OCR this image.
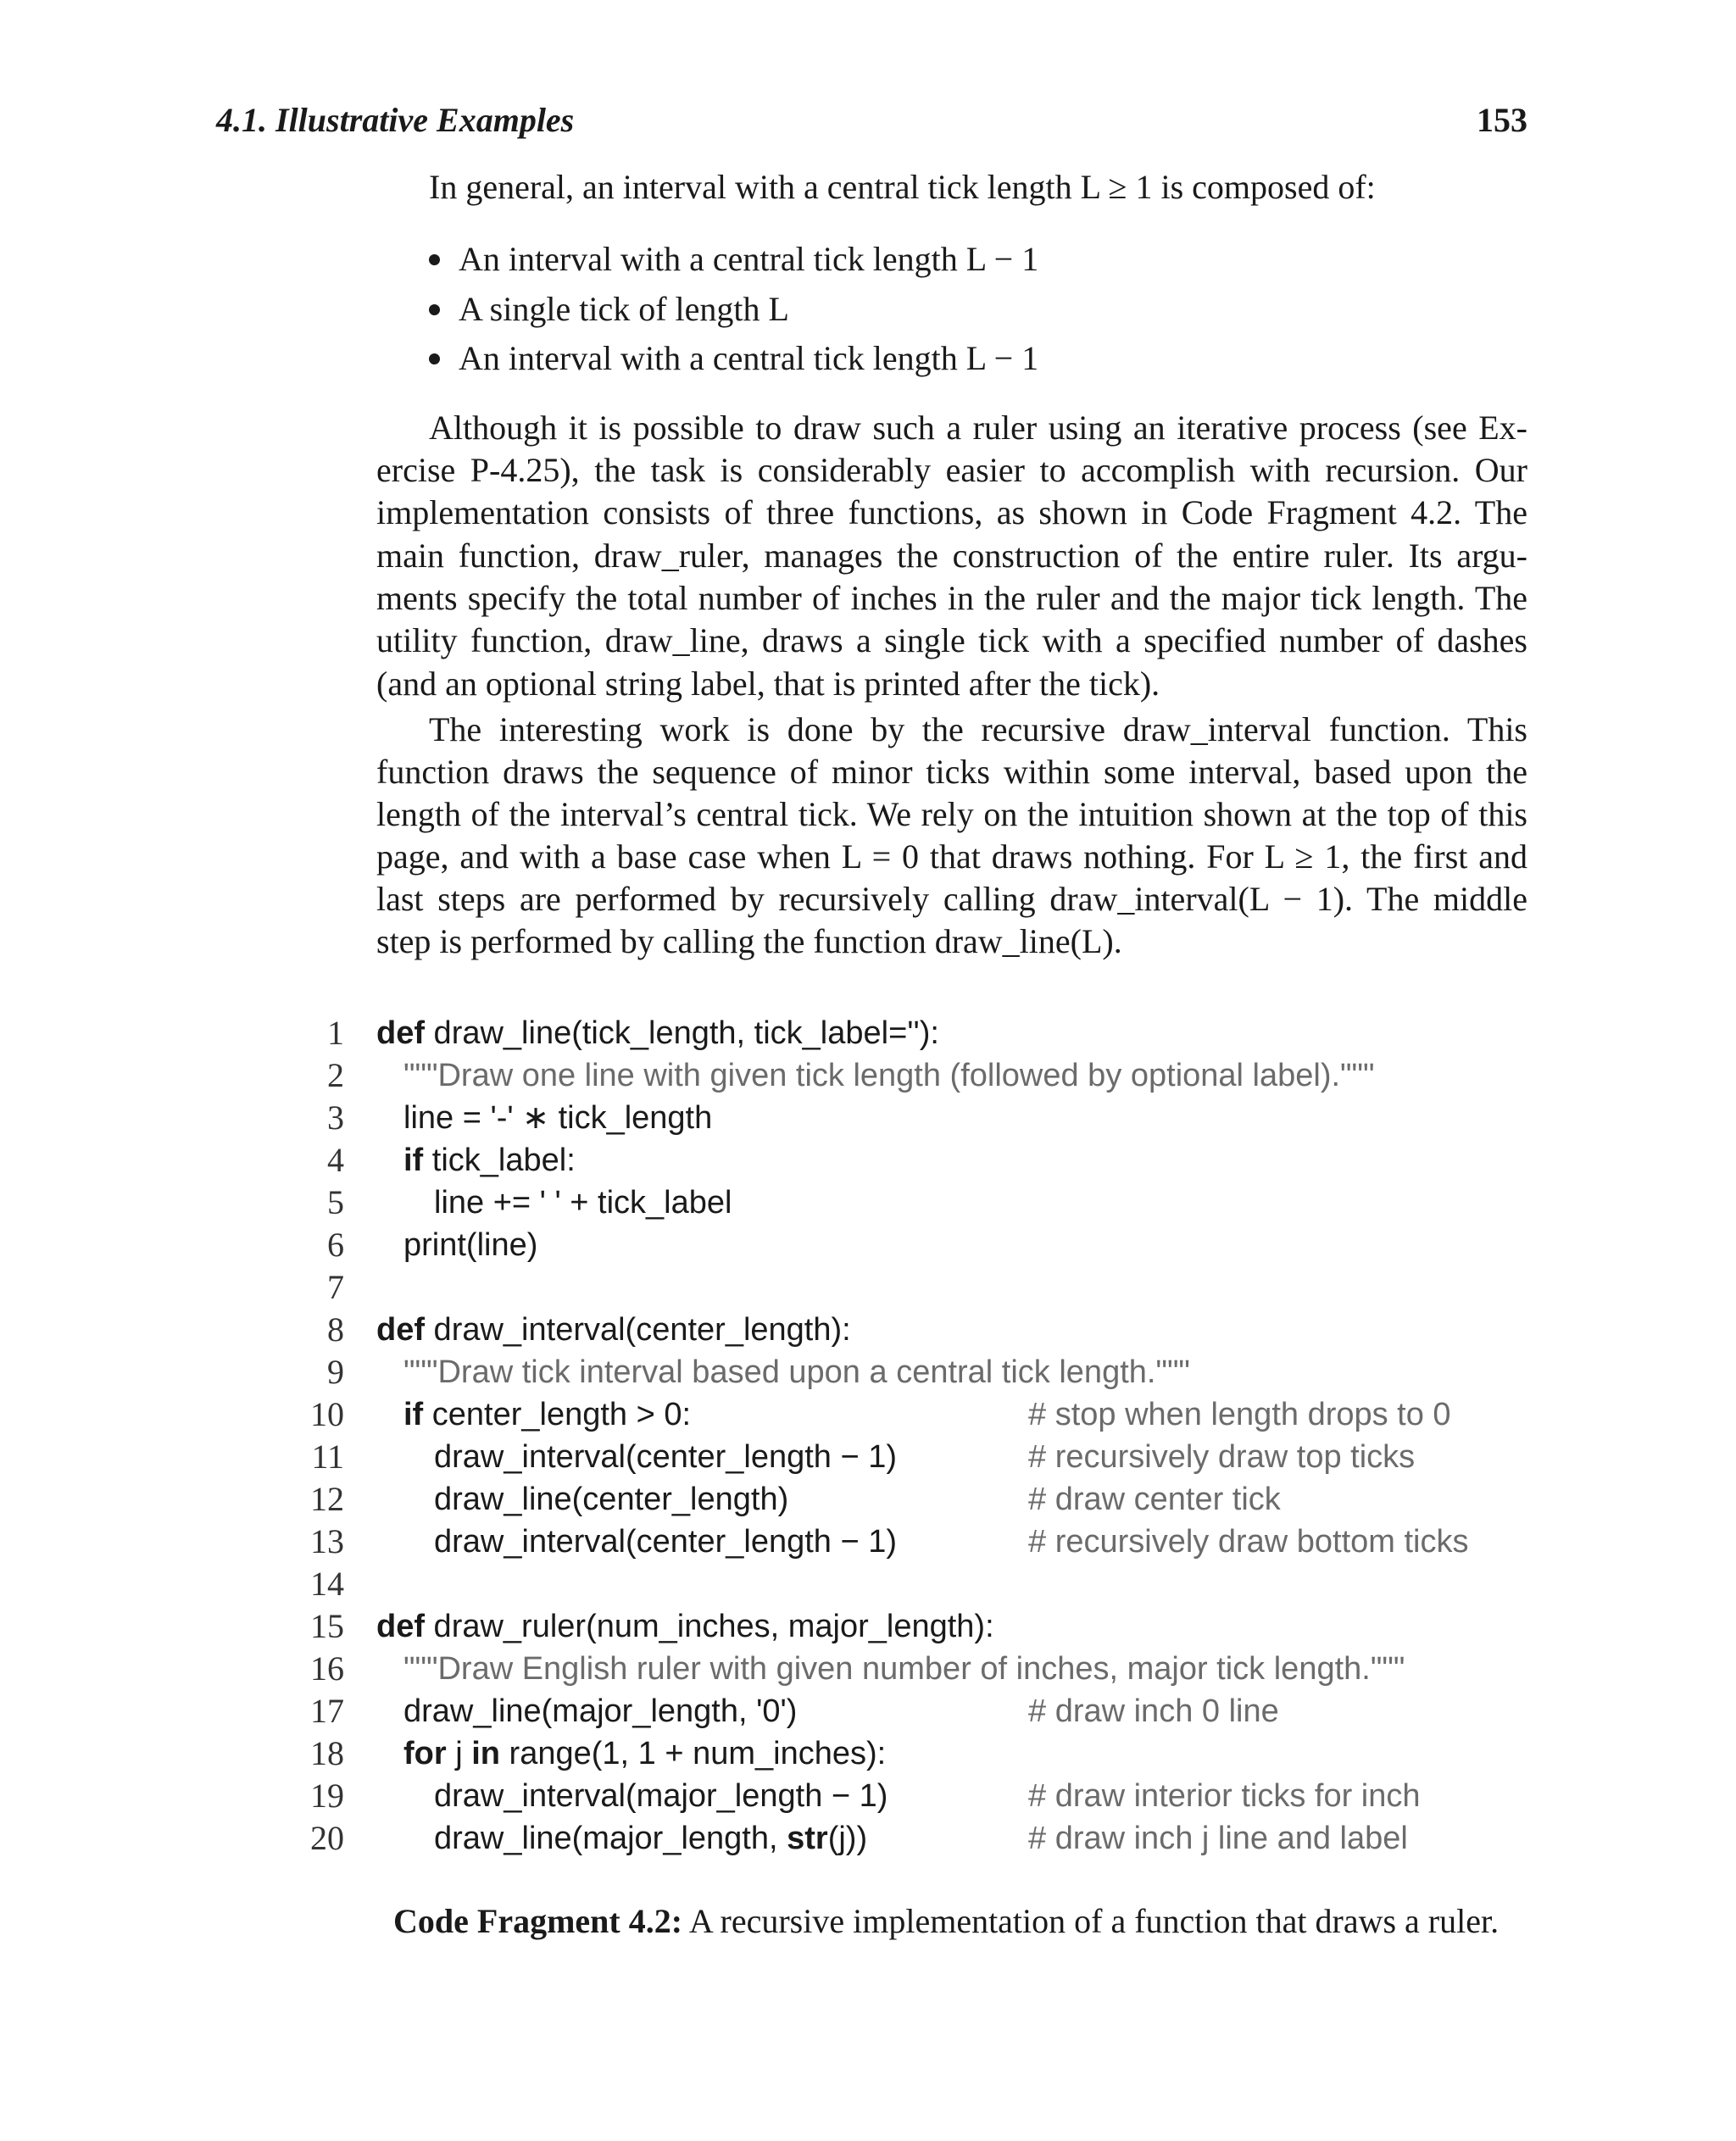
4.1. Illustrative Examples	153
In general, an interval with a central tick length L ≥ 1 is composed of:
An interval with a central tick length L − 1
A single tick of length L
An interval with a central tick length L − 1
Although it is possible to draw such a ruler using an iterative process (see Ex-
ercise P-4.25), the task is considerably easier to accomplish with recursion. Our
implementation consists of three functions, as shown in Code Fragment 4.2. The
main function, draw_ruler, manages the construction of the entire ruler. Its argu-
ments specify the total number of inches in the ruler and the major tick length. The
utility function, draw_line, draws a single tick with a specified number of dashes
(and an optional string label, that is printed after the tick).
The interesting work is done by the recursive draw_interval function. This
function draws the sequence of minor ticks within some interval, based upon the
length of the interval’s central tick. We rely on the intuition shown at the top of this
page, and with a base case when L = 0 that draws nothing. For L ≥ 1, the first and
last steps are performed by recursively calling draw_interval(L − 1). The middle
step is performed by calling the function draw_line(L).
1 def draw_line(tick_length, tick_label=''):
2 """Draw one line with given tick length (followed by optional label)."""
3 line = '-' ∗ tick_length
4 if tick_label:
5	line += ' ' + tick_label
6 print(line)
7
8 def draw_interval(center_length):
9 """Draw tick interval based upon a central tick length."""
10 if center_length > 0:	# stop when length drops to 0
11	draw_interval(center_length − 1)	# recursively draw top ticks
12	draw_line(center_length)	# draw center tick
13	draw_interval(center_length − 1)	# recursively draw bottom ticks
14
15 def draw_ruler(num_inches, major_length):
16 """Draw English ruler with given number of inches, major tick length."""
17 draw_line(major_length, '0')	# draw inch 0 line
18 for j in range(1, 1 + num_inches):
19	draw_interval(major_length − 1)	# draw interior ticks for inch
20	draw_line(major_length, str(j))	# draw inch j line and label
Code Fragment 4.2: A recursive implementation of a function that draws a ruler.
